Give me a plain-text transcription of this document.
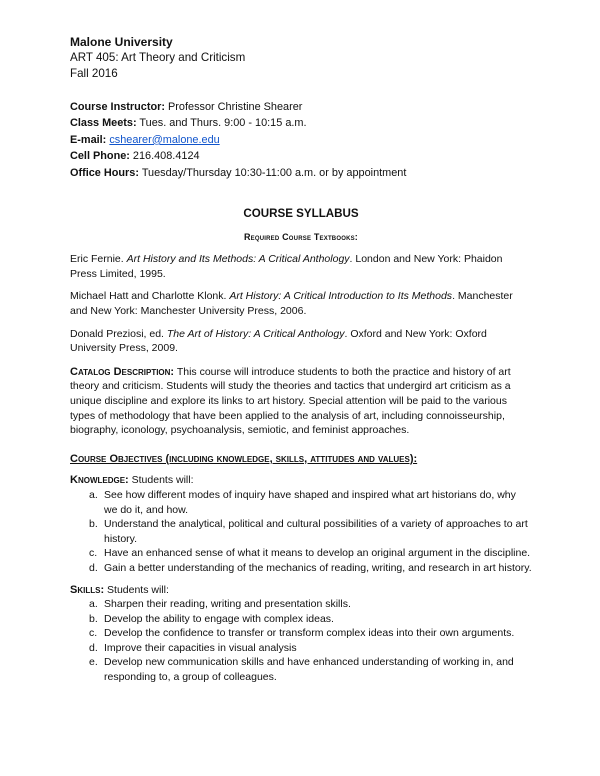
Malone University
ART 405: Art Theory and Criticism
Fall 2016
Course Instructor: Professor Christine Shearer
Class Meets: Tues. and Thurs. 9:00 - 10:15 a.m.
E-mail: cshearer@malone.edu
Cell Phone: 216.408.4124
Office Hours: Tuesday/Thursday 10:30-11:00 a.m. or by appointment
COURSE SYLLABUS
Required Course Textbooks:
Eric Fernie. Art History and Its Methods: A Critical Anthology. London and New York: Phaidon Press Limited, 1995.
Michael Hatt and Charlotte Klonk. Art History: A Critical Introduction to Its Methods. Manchester and New York: Manchester University Press, 2006.
Donald Preziosi, ed. The Art of History: A Critical Anthology. Oxford and New York: Oxford University Press, 2009.
Catalog Description: This course will introduce students to both the practice and history of art theory and criticism. Students will study the theories and tactics that undergird art criticism as a unique discipline and explore its links to art history. Special attention will be paid to the various types of methodology that have been applied to the analysis of art, including connoisseurship, biography, iconology, psychoanalysis, semiotic, and feminist approaches.
Course Objectives (including knowledge, skills, attitudes and values):
Knowledge: Students will:
a. See how different modes of inquiry have shaped and inspired what art historians do, why we do it, and how.
b. Understand the analytical, political and cultural possibilities of a variety of approaches to art history.
c. Have an enhanced sense of what it means to develop an original argument in the discipline.
d. Gain a better understanding of the mechanics of reading, writing, and research in art history.
Skills: Students will:
a. Sharpen their reading, writing and presentation skills.
b. Develop the ability to engage with complex ideas.
c. Develop the confidence to transfer or transform complex ideas into their own arguments.
d. Improve their capacities in visual analysis
e. Develop new communication skills and have enhanced understanding of working in, and responding to, a group of colleagues.
